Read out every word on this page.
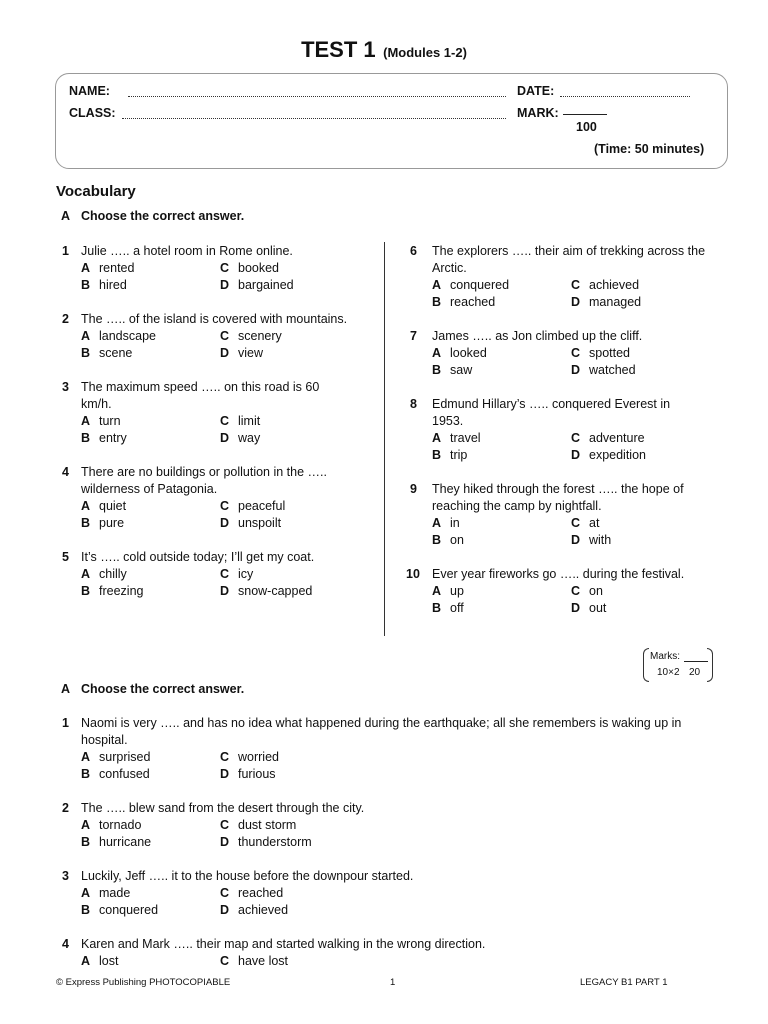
TEST 1 (Modules 1-2)
NAME:	DATE:
CLASS:	MARK:
100
(Time: 50 minutes)
Vocabulary
A Choose the correct answer.
1 Julie ….. a hotel room in Rome online.
A rented	C booked
B hired	D bargained
2 The ….. of the island is covered with mountains.
A landscape	C scenery
B scene	D view
3 The maximum speed ….. on this road is 60 km/h.
A turn	C limit
B entry	D way
4 There are no buildings or pollution in the ….. wilderness of Patagonia.
A quiet	C peaceful
B pure	D unspoilt
5 It’s ….. cold outside today; I’ll get my coat.
A chilly	C icy
B freezing	D snow-capped
6 The explorers ….. their aim of trekking across the Arctic.
A conquered	C achieved
B reached	D managed
7 James ….. as Jon climbed up the cliff.
A looked	C spotted
B saw	D watched
8 Edmund Hillary’s ….. conquered Everest in 1953.
A travel	C adventure
B trip	D expedition
9 They hiked through the forest ….. the hope of reaching the camp by nightfall.
A in	C at
B on	D with
10 Ever year fireworks go ….. during the festival.
A up	C on
B off	D out
Marks:
10×2 20
A Choose the correct answer.
1 Naomi is very ….. and has no idea what happened during the earthquake; all she remembers is waking up in hospital.
A surprised	C worried
B confused	D furious
2 The ….. blew sand from the desert through the city.
A tornado	C dust storm
B hurricane	D thunderstorm
3 Luckily, Jeff ….. it to the house before the downpour started.
A made	C reached
B conquered	D achieved
4 Karen and Mark ….. their map and started walking in the wrong direction.
A lost	C have lost
© Express Publishing PHOTOCOPIABLE	1	LEGACY B1 PART 1
